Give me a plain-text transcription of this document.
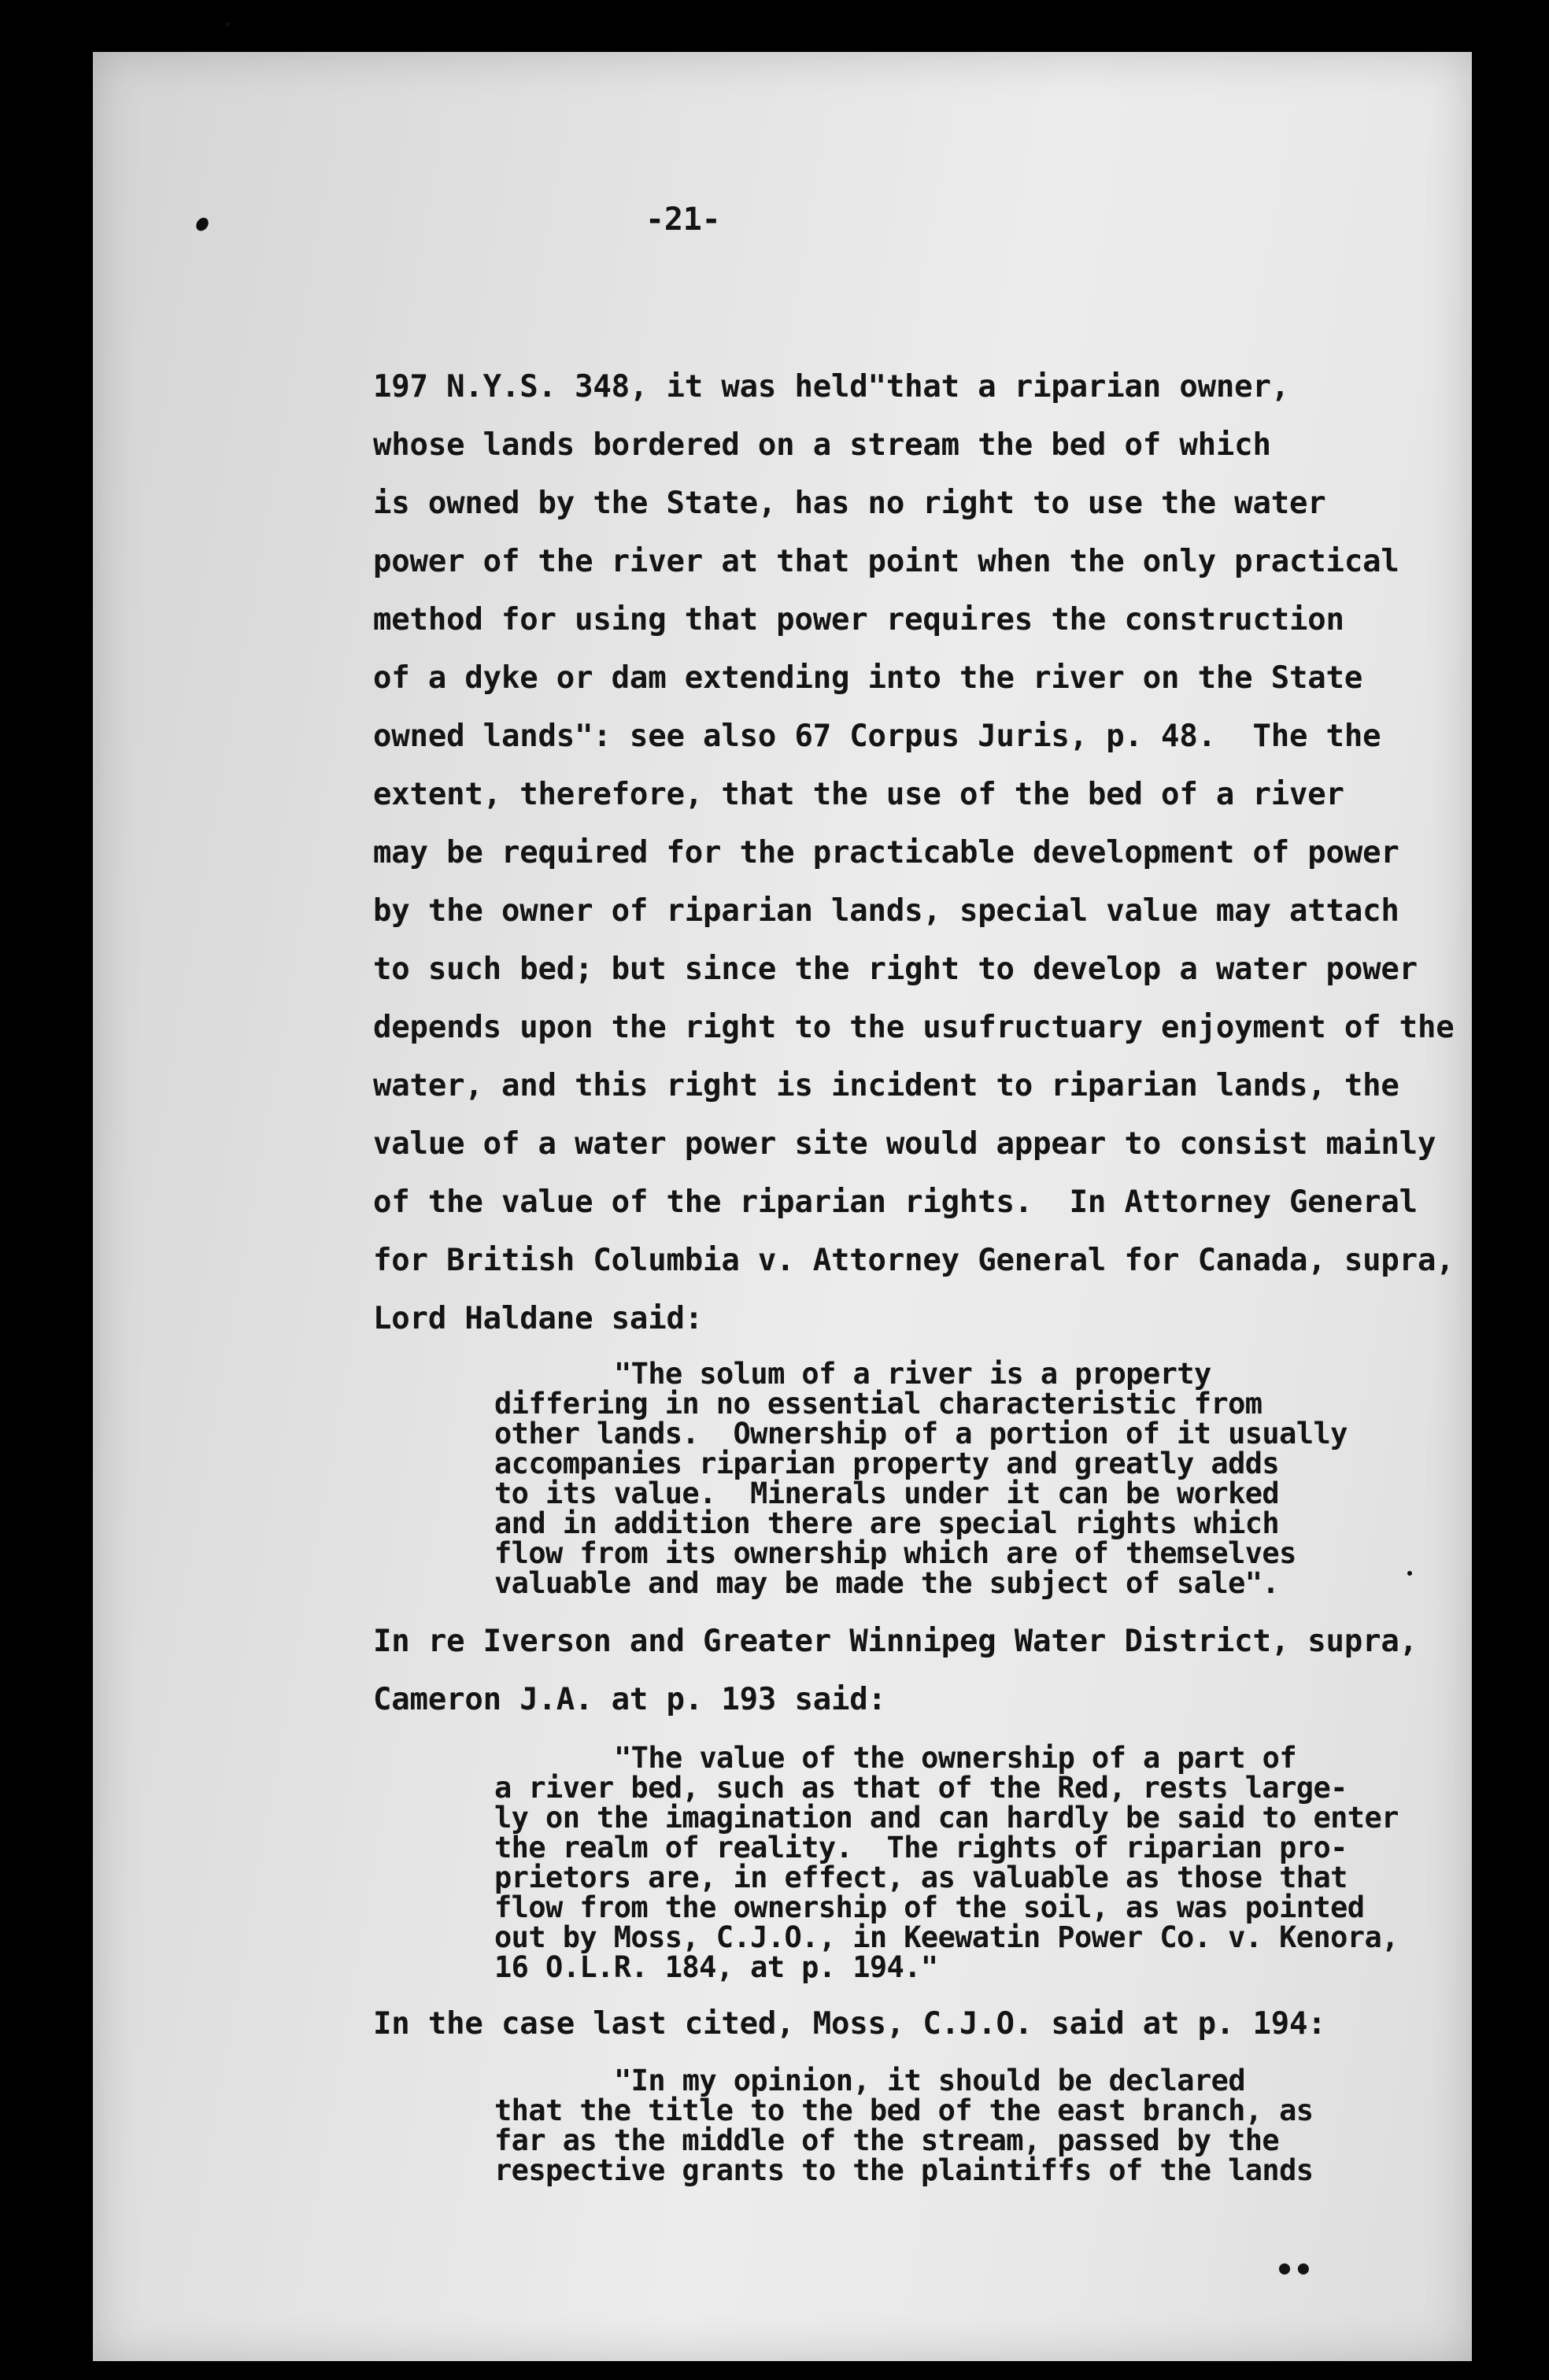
-21-

197 N.Y.S. 348, it was held"that a riparian owner,

whose lands bordered on a stream the bed of which

is owned by the State, has no right to use the water

power of the river at that point when the only practical

method for using that power requires the construction

of a dyke or dam extending into the river on the State

owned lands": see also 67 Corpus Juris, p. 48.  The the

extent, therefore, that the use of the bed of a river

may be required for the practicable development of power

by the owner of riparian lands, special value may attach

to such bed; but since the right to develop a water power

depends upon the right to the usufructuary enjoyment of the

water, and this right is incident to riparian lands, the

value of a water power site would appear to consist mainly

of the value of the riparian rights.  In Attorney General

for British Columbia v. Attorney General for Canada, supra,

Lord Haldane said:

"The solum of a river is a property

differing in no essential characteristic from

other lands.  Ownership of a portion of it usually

accompanies riparian property and greatly adds

to its value.  Minerals under it can be worked

and in addition there are special rights which

flow from its ownership which are of themselves

valuable and may be made the subject of sale".

In re Iverson and Greater Winnipeg Water District, supra,

Cameron J.A. at p. 193 said:

"The value of the ownership of a part of

a river bed, such as that of the Red, rests large-

ly on the imagination and can hardly be said to enter

the realm of reality.  The rights of riparian pro-

prietors are, in effect, as valuable as those that

flow from the ownership of the soil, as was pointed

out by Moss, C.J.O., in Keewatin Power Co. v. Kenora,

16 O.L.R. 184, at p. 194."

In the case last cited, Moss, C.J.O. said at p. 194:

"In my opinion, it should be declared

that the title to the bed of the east branch, as

far as the middle of the stream, passed by the

respective grants to the plaintiffs of the lands

••
